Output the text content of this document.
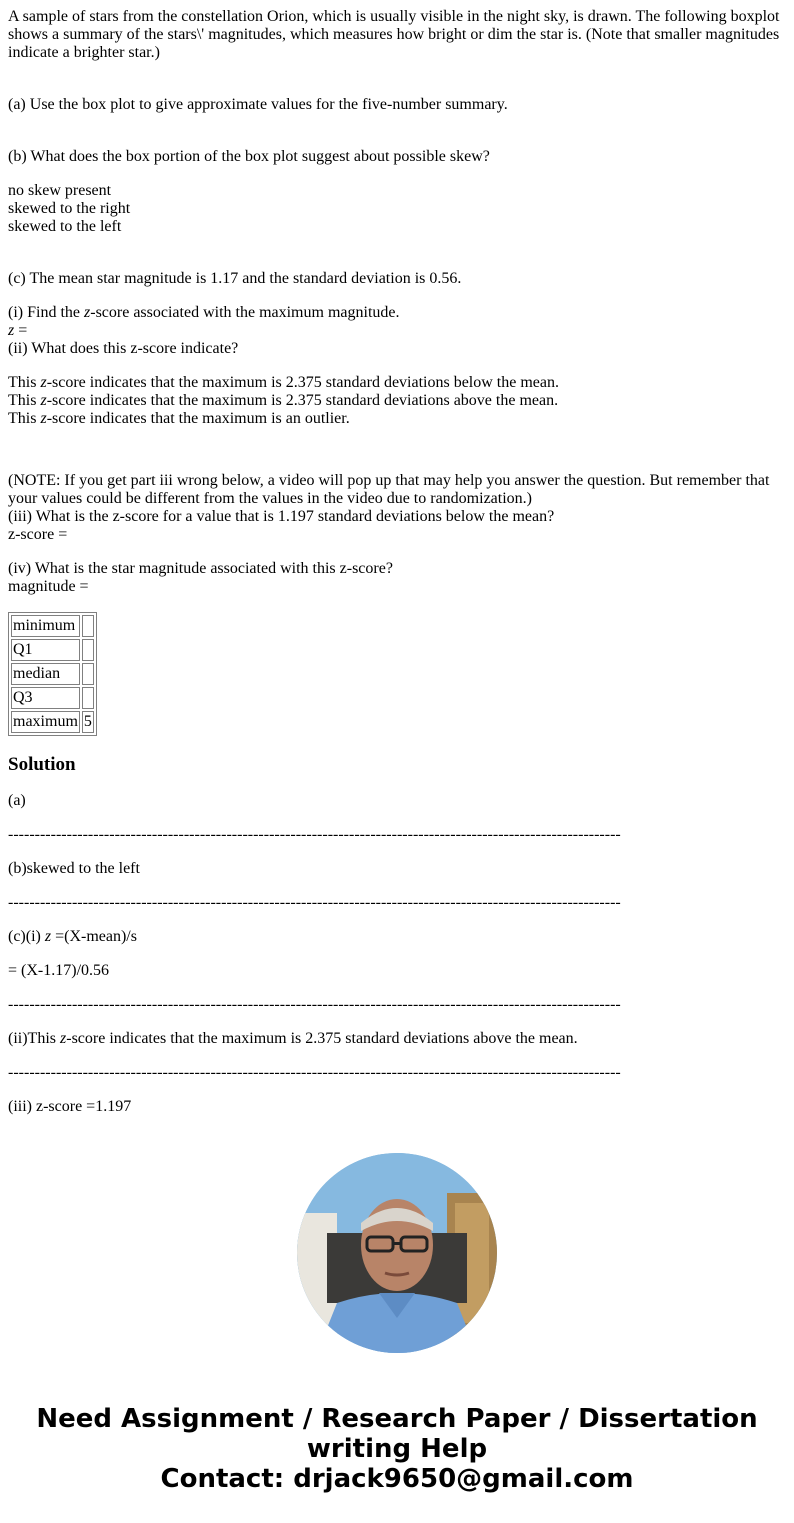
A sample of stars from the constellation Orion, which is usually visible in the night sky, is drawn. The following boxplot shows a summary of the stars\' magnitudes, which measures how bright or dim the star is. (Note that smaller magnitudes indicate a brighter star.)

(a) Use the box plot to give approximate values for the five-number summary.

(b) What does the box portion of the box plot suggest about possible skew?

no skew present
skewed to the right
skewed to the left

(c) The mean star magnitude is 1.17 and the standard deviation is 0.56.

(i) Find the z-score associated with the maximum magnitude.
z =
(ii) What does this z-score indicate?
This z-score indicates that the maximum is 2.375 standard deviations below the mean.
This z-score indicates that the maximum is 2.375 standard deviations above the mean.
This z-score indicates that the maximum is an outlier.

(NOTE: If you get part iii wrong below, a video will pop up that may help you answer the question. But remember that your values could be different from the values in the video due to randomization.)

(iii) What is the z-score for a value that is 1.197 standard deviations below the mean?
z-score =
(iv) What is the star magnitude associated with this z-score?
magnitude =
minimum	
Q1	
median	
Q3	
maximum	5
Solution
(a)
-------------------------------------------------------------------------------------------------------------------
(b)skewed to the left
-------------------------------------------------------------------------------------------------------------------
(c)(i) z =(X-mean)/s
= (X-1.17)/0.56
-------------------------------------------------------------------------------------------------------------------
(ii)This z-score indicates that the maximum is 2.375 standard deviations above the mean.
-------------------------------------------------------------------------------------------------------------------
(iii) z-score =1.197
Need Assignment / Research Paper / Dissertation
writing Help
Contact: drjack9650@gmail.com
